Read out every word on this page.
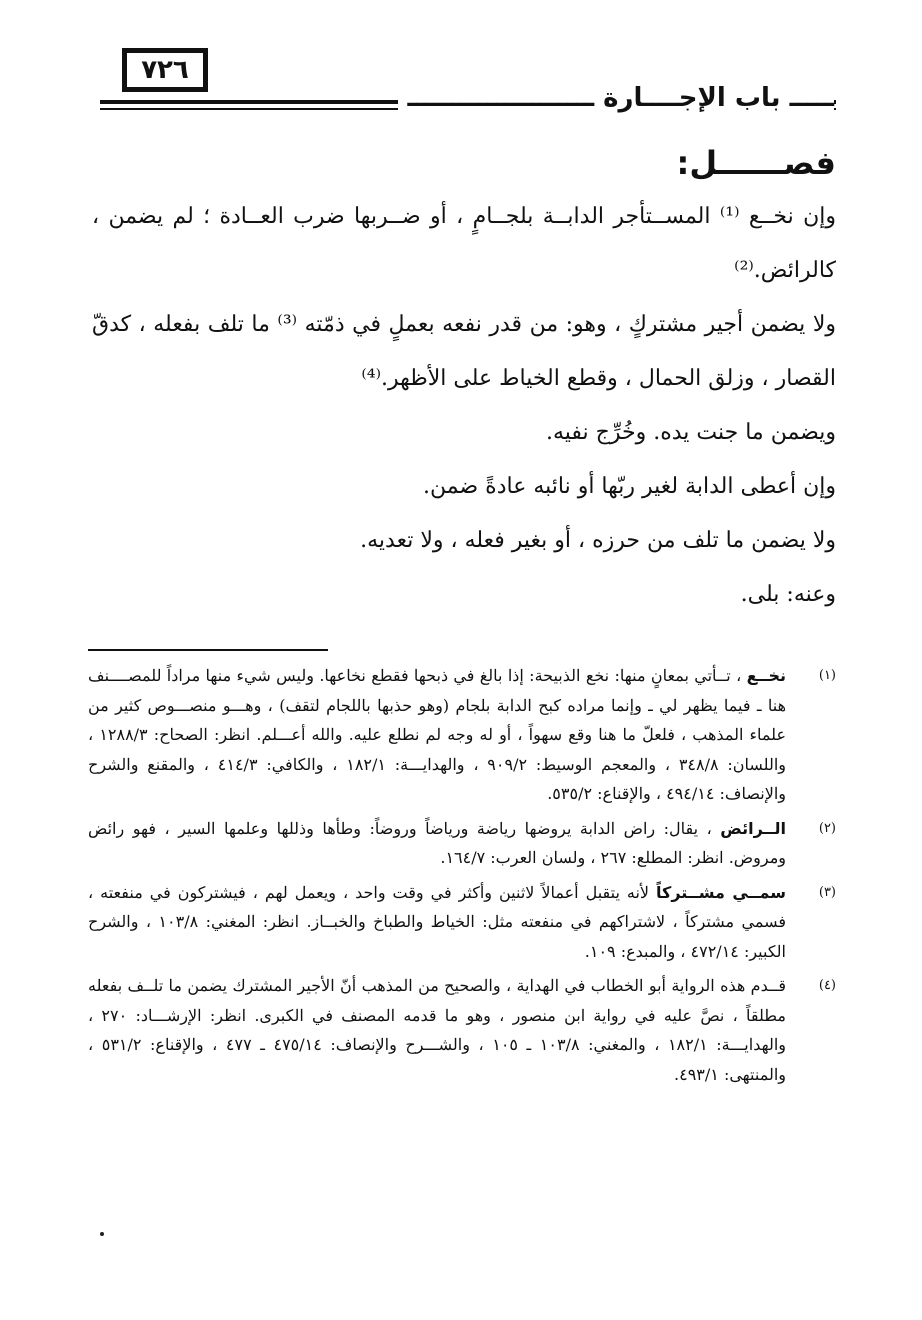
٧٢٦
ـــــ باب الإجــــارة ـــــــــــــــــــــ
فصــــــل:

وإن نخــع ⁽¹⁾ المســتأجر الدابــة بلجــامٍ ، أو ضــربها ضرب العــادة ؛ لم يضمن ، كالرائض.⁽²⁾

ولا يضمن أجير مشتركٍ ، وهو: من قدر نفعه بعملٍ في ذمّته ⁽³⁾ ما تلف بفعله ، كدقّ القصار ، وزلق الحمال ، وقطع الخياط على الأظهر.⁽⁴⁾

ويضمن ما جنت يده. وخُرِّج نفيه.

وإن أعطى الدابة لغير ربّها أو نائبه عادةً ضمن.

ولا يضمن ما تلف من حرزه ، أو بغير فعله ، ولا تعديه.

وعنه: بلى.

(١)
نخــع ، تــأتي بمعانٍ منها: نخع الذبيحة: إذا بالغ في ذبحها فقطع نخاعها. وليس شيء منها مراداً للمصــــنف هنا ـ فيما يظهر لي ـ وإنما مراده كبح الدابة بلجام (وهو حذبها باللجام لتقف) ، وهـــو منصـــوص كثير من علماء المذهب ، فلعلّ ما هنا وقع سهواً ، أو له وجه لم نطلع عليه. والله أعـــلم. انظر: الصحاح: ١٢٨٨/٣ ، واللسان: ٣٤٨/٨ ، والمعجم الوسيط: ٩٠٩/٢ ، والهدايـــة: ١٨٢/١ ، والكافي: ٤١٤/٣ ، والمقنع والشرح والإنصاف: ٤٩٤/١٤ ، والإقناع: ٥٣٥/٢.
(٢)
الــرائض ، يقال: راض الدابة يروضها رياضة ورياضاً وروضاً: وطأها وذللها وعلمها السير ، فهو رائض ومروض. انظر: المطلع: ٢٦٧ ، ولسان العرب: ١٦٤/٧.
(٣)
سمــي مشــتركاً لأنه يتقبل أعمالاً لاثنين وأكثر في وقت واحد ، ويعمل لهم ، فيشتركون في منفعته ، فسمي مشتركاً ، لاشتراكهم في منفعته مثل: الخياط والطباخ والخبــاز. انظر: المغني: ١٠٣/٨ ، والشرح الكبير: ٤٧٢/١٤ ، والمبدع: ١٠٩.
(٤)
قــدم هذه الرواية أبو الخطاب في الهداية ، والصحيح من المذهب أنّ الأجير المشترك يضمن ما تلــف بفعله مطلقاً ، نصَّ عليه في رواية ابن منصور ، وهو ما قدمه المصنف في الكبرى. انظر: الإرشـــاد: ٢٧٠ ، والهدايـــة: ١٨٢/١ ، والمغني: ١٠٣/٨ ـ ١٠٥ ، والشـــرح والإنصاف: ٤٧٥/١٤ ـ ٤٧٧ ، والإقناع: ٥٣١/٢ ، والمنتهى: ٤٩٣/١.
